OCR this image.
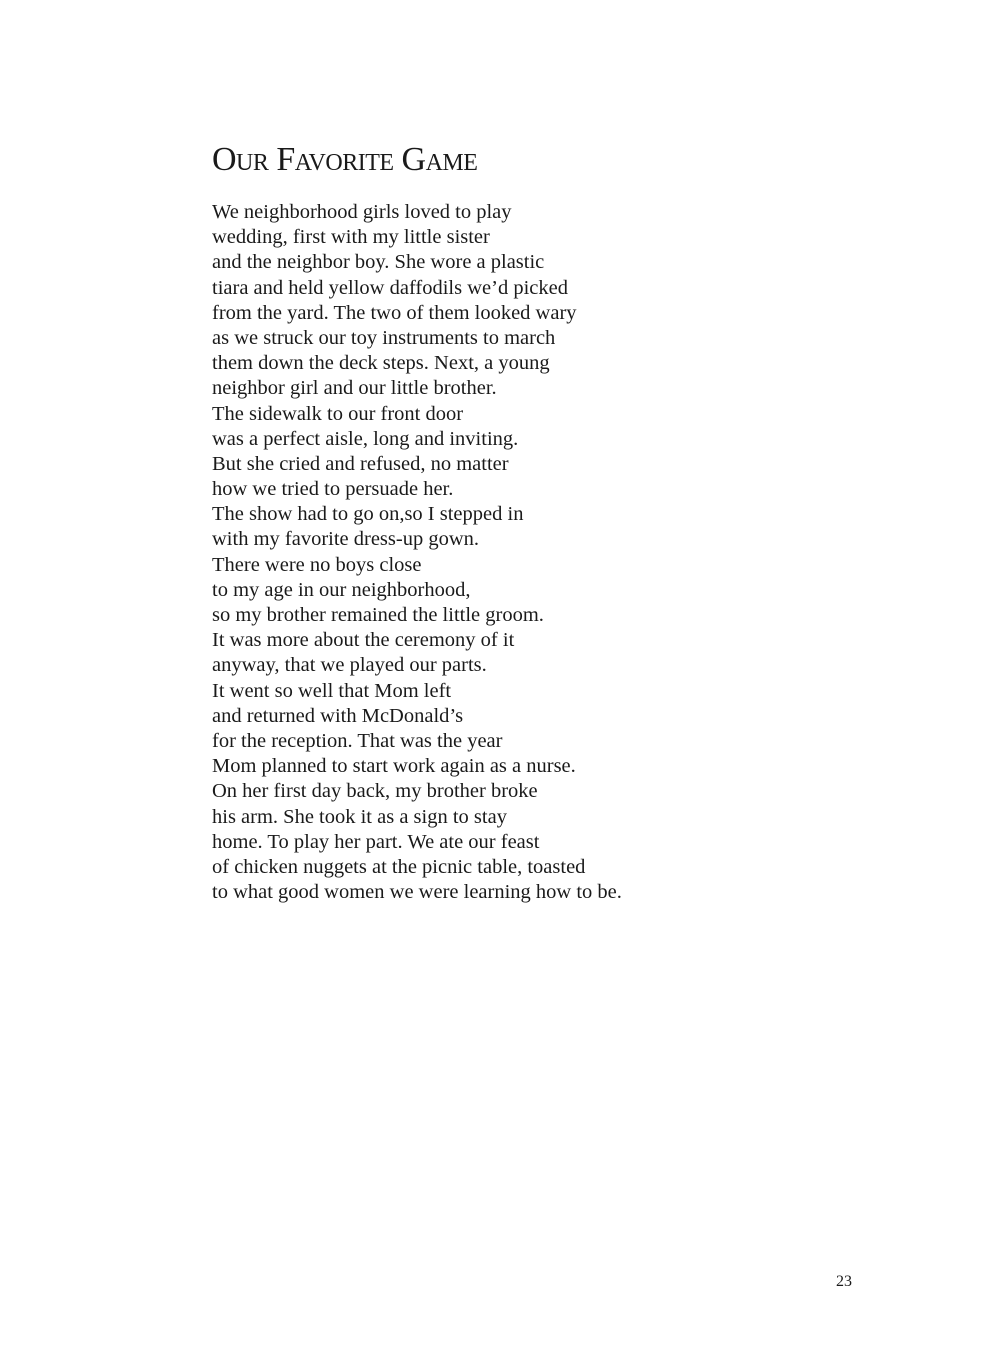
Our Favorite Game
We neighborhood girls loved to play
wedding, first with my little sister
and the neighbor boy. She wore a plastic
tiara and held yellow daffodils we’d picked
from the yard. The two of them looked wary
as we struck our toy instruments to march
them down the deck steps. Next, a young
neighbor girl and our little brother.
The sidewalk to our front door
was a perfect aisle, long and inviting.
But she cried and refused, no matter
how we tried to persuade her.
The show had to go on,so I stepped in
with my favorite dress-up gown.
There were no boys close
to my age in our neighborhood,
so my brother remained the little groom.
It was more about the ceremony of it
anyway, that we played our parts.
It went so well that Mom left
and returned with McDonald’s
for the reception. That was the year
Mom planned to start work again as a nurse.
On her first day back, my brother broke
his arm. She took it as a sign to stay
home. To play her part. We ate our feast
of chicken nuggets at the picnic table, toasted
to what good women we were learning how to be.
23
